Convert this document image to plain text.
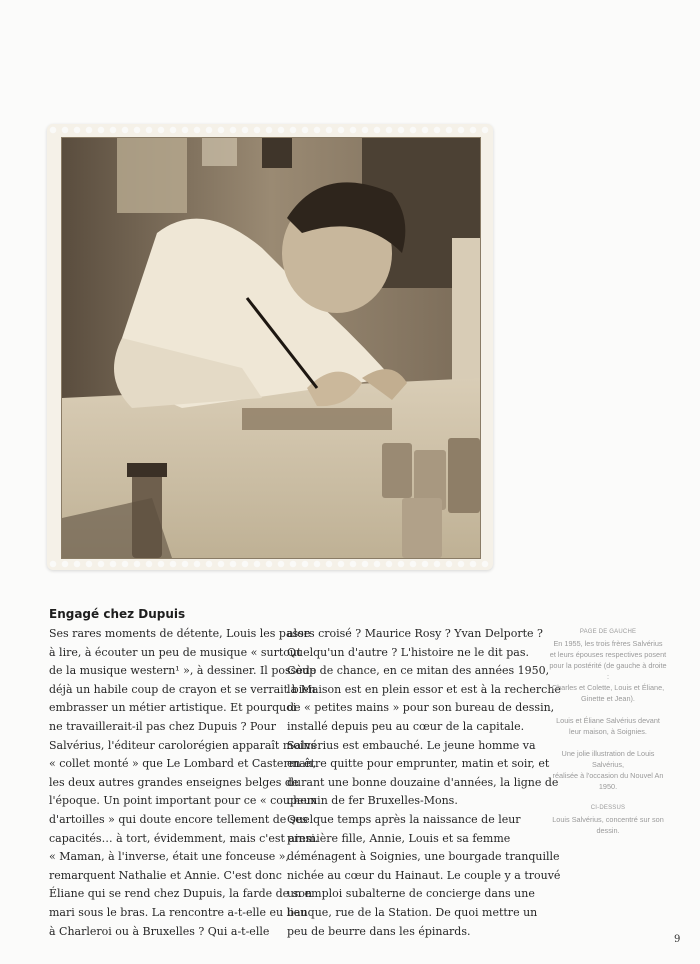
Engagé chez Dupuis
Ses rares moments de détente, Louis les passe
à lire, à écouter un peu de musique « surtout
de la musique western¹ », à dessiner. Il possède
déjà un habile coup de crayon et se verrait bien
embrasser un métier artistique. Et pourquoi
ne travaillerait-il pas chez Dupuis ? Pour
Salvérius, l'éditeur carolorégien apparaît moins
« collet monté » que Le Lombard et Casterman,
les deux autres grandes enseignes belges de
l'époque. Un point important pour ce « coupeux
d'artoilles » qui doute encore tellement de ses
capacités… à tort, évidemment, mais c'est ainsi.
« Maman, à l'inverse, était une fonceuse »,
remarquent Nathalie et Annie. C'est donc
Éliane qui se rend chez Dupuis, la farde de son
mari sous le bras. La rencontre a-t-elle eu lieu
à Charleroi ou à Bruxelles ? Qui a-t-elle
alors croisé ? Maurice Rosy ? Yvan Delporte ?
Quelqu'un d'autre ? L'histoire ne le dit pas.
Coup de chance, en ce mitan des années 1950,
la Maison est en plein essor et est à la recherche
de « petites mains » pour son bureau de dessin,
installé depuis peu au cœur de la capitale.
Salvérius est embauché. Le jeune homme va
en être quitte pour emprunter, matin et soir, et
durant une bonne douzaine d'années, la ligne de
chemin de fer Bruxelles-Mons.
Quelque temps après la naissance de leur
première fille, Annie, Louis et sa femme
déménagent à Soignies, une bourgade tranquille
nichée au cœur du Hainaut. Le couple y a trouvé
un emploi subalterne de concierge dans une
banque, rue de la Station. De quoi mettre un
peu de beurre dans les épinards.
PAGE DE GAUCHE
En 1955, les trois frères Salvérius
et leurs épouses respectives posent
pour la postérité (de gauche à droite :
Charles et Colette, Louis et Éliane,
Ginette et Jean).
Louis et Éliane Salvérius devant
leur maison, à Soignies.
Une jolie illustration de Louis Salvérius,
réalisée à l'occasion du Nouvel An 1950.
CI-DESSUS
Louis Salvérius, concentré sur son dessin.
9
